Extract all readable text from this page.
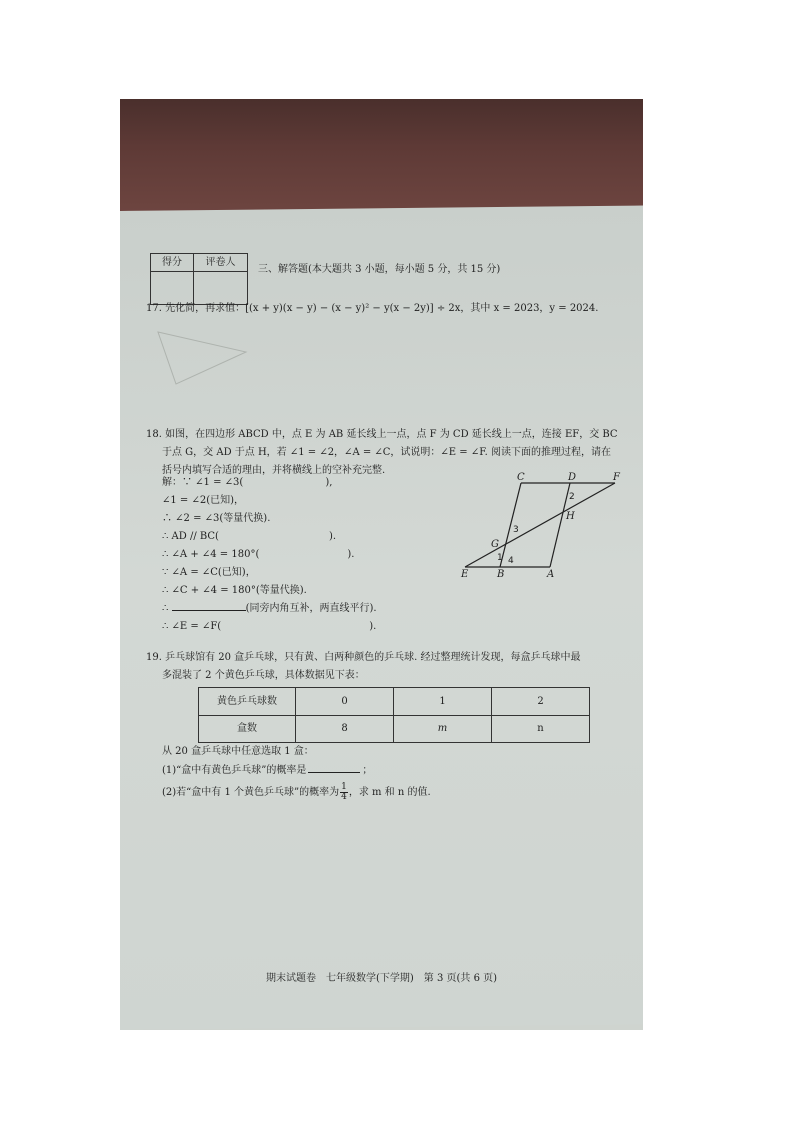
得分	评卷人
三、解答题(本大题共 3 小题，每小题 5 分，共 15 分)
17. 先化简，再求值：[(x + y)(x − y) − (x − y)² − y(x − 2y)] ÷ 2x，其中 x = 2023，y = 2024.
18. 如图，在四边形 ABCD 中，点 E 为 AB 延长线上一点，点 F 为 CD 延长线上一点，连接 EF，交 BC
于点 G，交 AD 于点 H，若 ∠1 = ∠2，∠A = ∠C，试说明：∠E = ∠F. 阅读下面的推理过程，请在
括号内填写合适的理由，并将横线上的空补充完整.
解：∵ ∠1 = ∠3(	),
∠1 = ∠2(已知)，
∴ ∠2 = ∠3(等量代换).
∴ AD // BC(	).
∴ ∠A + ∠4 = 180°(	).
∵ ∠A = ∠C(已知)，
∴ ∠C + ∠4 = 180°(等量代换).
∴	(同旁内角互补，两直线平行).
∴ ∠E = ∠F(	).
C	D	F
H
G
E	B	A
2
3
1 4
19. 乒乓球馆有 20 盒乒乓球，只有黄、白两种颜色的乒乓球. 经过整理统计发现，每盒乒乓球中最
多混装了 2 个黄色乒乓球，具体数据见下表：
黄色乒乓球数	0	1	2
盒数	8	m	n
从 20 盒乒乓球中任意选取 1 盒：
(1)“盒中有黄色乒乓球”的概率是	；
(2)若“盒中有 1 个黄色乒乓球”的概率为 $\frac{1}{4}$ ，求 m 和 n 的值.
期末试题卷　七年级数学(下学期)　第 3 页(共 6 页)
